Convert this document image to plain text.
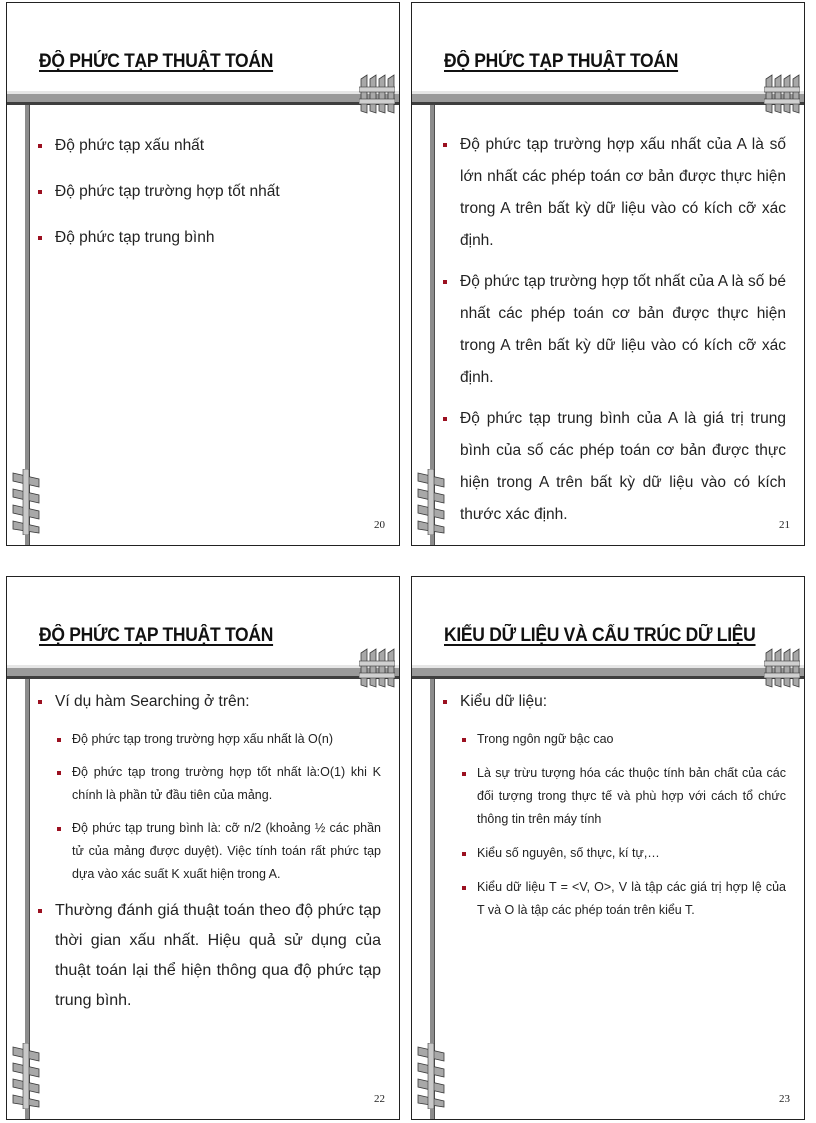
ĐỘ PHỨC TẠP THUẬT TOÁN
Độ phức tạp xấu nhất
Độ phức tạp trường hợp tốt nhất
Độ phức tạp trung bình
20
ĐỘ PHỨC TẠP THUẬT TOÁN
Độ phức tạp trường hợp xấu nhất của A là số lớn nhất các phép toán cơ bản được thực hiện trong A trên bất kỳ dữ liệu vào có kích cỡ xác định.
Độ phức tạp trường hợp tốt nhất của A là số bé nhất các phép toán cơ bản được thực hiện trong A trên bất kỳ dữ liệu vào có kích cỡ xác định.
Độ phức tạp trung bình của A là giá trị trung bình của số các phép toán cơ bản được thực hiện trong A trên bất kỳ dữ liệu vào có kích thước xác định.
21
ĐỘ PHỨC TẠP THUẬT TOÁN
Ví dụ hàm Searching ở trên:
Độ phức tạp trong trường hợp xấu nhất là O(n)
Độ phức tạp trong trường hợp tốt nhất là:O(1) khi K chính là phần tử đầu tiên của mảng.
Độ phức tạp trung bình là: cỡ n/2 (khoảng ½ các phần tử của mảng được duyệt). Việc tính toán rất phức tạp dựa vào xác suất K xuất hiện trong A.
Thường đánh giá thuật toán theo độ phức tạp thời gian xấu nhất. Hiệu quả sử dụng của thuật toán lại thể hiện thông qua độ phức tạp trung bình.
22
KIỂU DỮ LIỆU VÀ CẤU TRÚC DỮ LIỆU
Kiểu dữ liệu:
Trong ngôn ngữ bậc cao
Là sự trừu tượng hóa các thuộc tính bản chất của các đối tượng trong thực tế và phù hợp với cách tổ chức thông tin trên máy tính
Kiểu số nguyên, số thực, kí tự,…
Kiểu dữ liệu T = <V, O>, V là tập các giá trị hợp lệ của T và O là tập các phép toán trên kiểu T.
23
